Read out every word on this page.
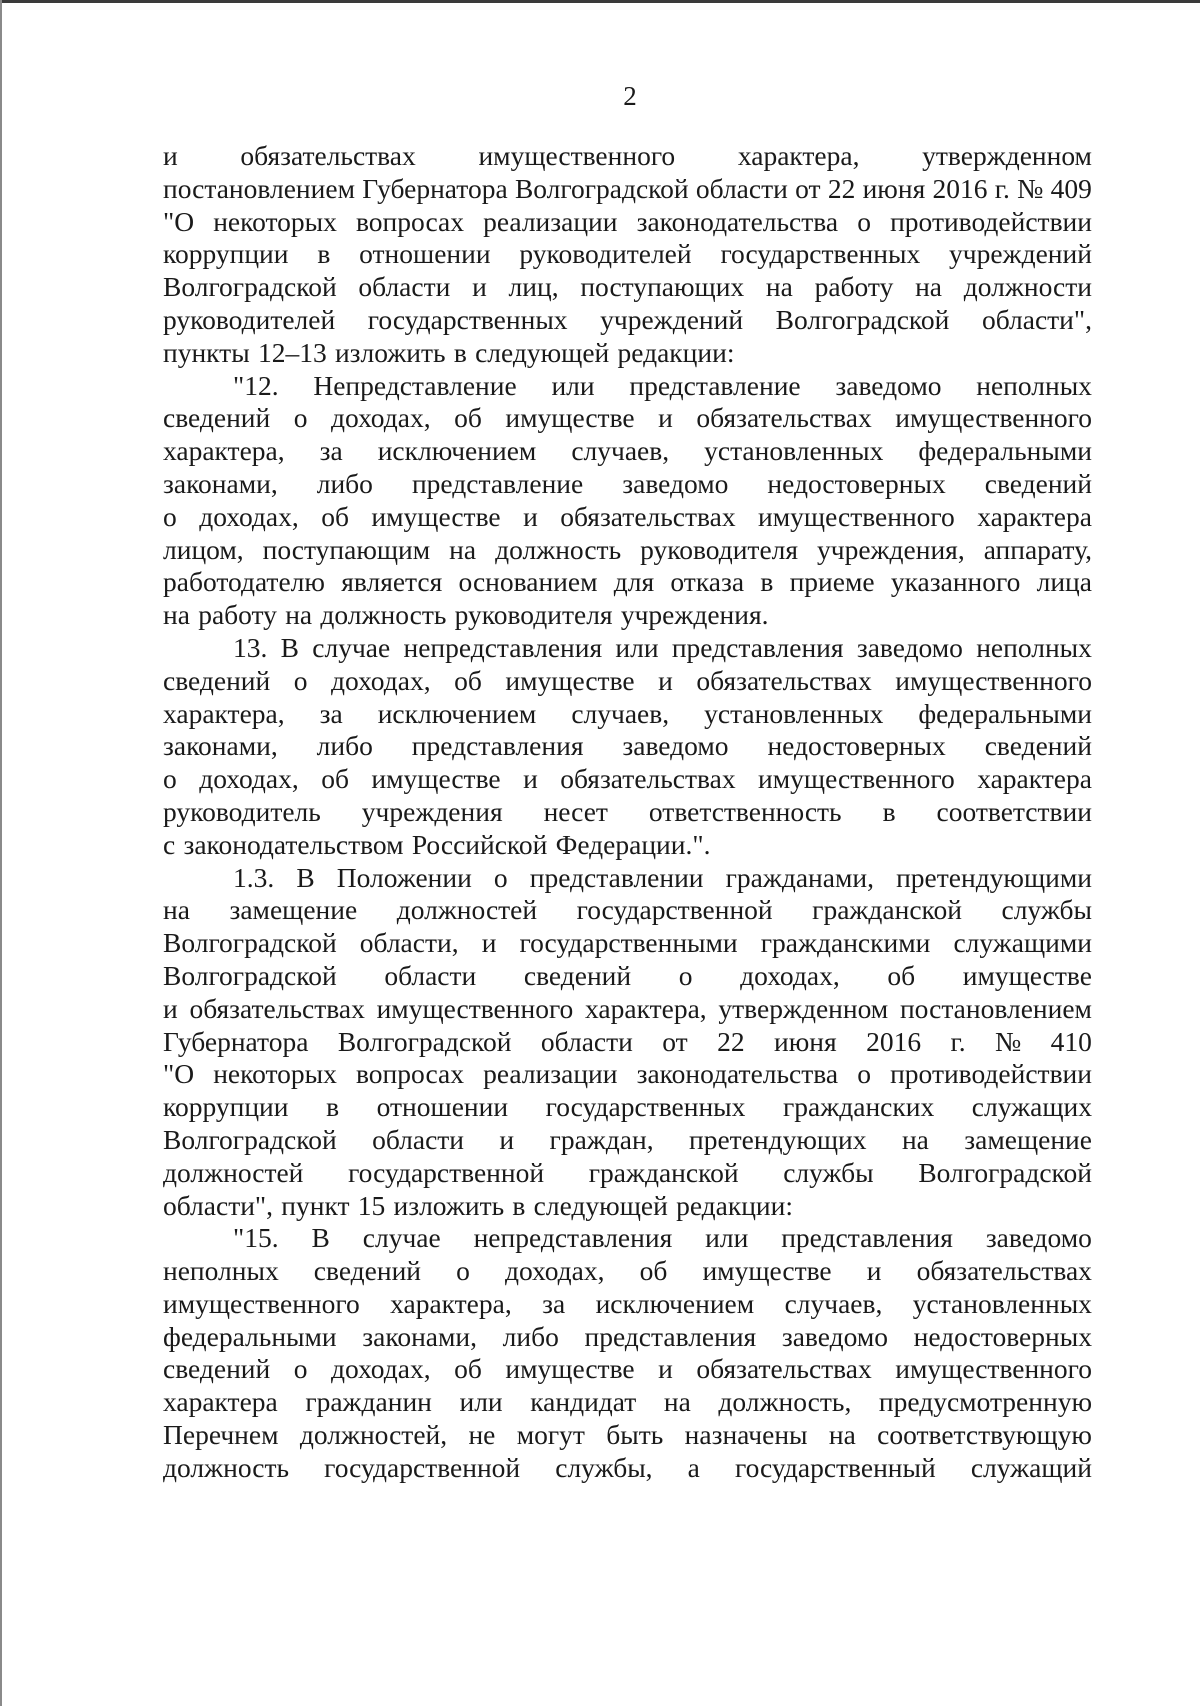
2
и обязательствах имущественного характера, утвержденном
постановлением Губернатора Волгоградской области от 22 июня 2016 г. № 409
"О некоторых вопросах реализации законодательства о противодействии
коррупции в отношении руководителей государственных учреждений
Волгоградской области и лиц, поступающих на работу на должности
руководителей государственных учреждений Волгоградской области",
пункты 12–13 изложить в следующей редакции:
"12. Непредставление или представление заведомо неполных
сведений о доходах, об имуществе и обязательствах имущественного
характера, за исключением случаев, установленных федеральными
законами, либо представление заведомо недостоверных сведений
о доходах, об имуществе и обязательствах имущественного характера
лицом, поступающим на должность руководителя учреждения, аппарату,
работодателю является основанием для отказа в приеме указанного лица
на работу на должность руководителя учреждения.
13. В случае непредставления или представления заведомо неполных
сведений о доходах, об имуществе и обязательствах имущественного
характера, за исключением случаев, установленных федеральными
законами, либо представления заведомо недостоверных сведений
о доходах, об имуществе и обязательствах имущественного характера
руководитель учреждения несет ответственность в соответствии
с законодательством Российской Федерации.".
1.3. В Положении о представлении гражданами, претендующими
на замещение должностей государственной гражданской службы
Волгоградской области, и государственными гражданскими служащими
Волгоградской области сведений о доходах, об имуществе
и обязательствах имущественного характера, утвержденном постановлением
Губернатора Волгоградской области от 22 июня 2016 г. № 410
"О некоторых вопросах реализации законодательства о противодействии
коррупции в отношении государственных гражданских служащих
Волгоградской области и граждан, претендующих на замещение
должностей государственной гражданской службы Волгоградской
области", пункт 15 изложить в следующей редакции:
"15. В случае непредставления или представления заведомо
неполных сведений о доходах, об имуществе и обязательствах
имущественного характера, за исключением случаев, установленных
федеральными законами, либо представления заведомо недостоверных
сведений о доходах, об имуществе и обязательствах имущественного
характера гражданин или кандидат на должность, предусмотренную
Перечнем должностей, не могут быть назначены на соответствующую
должность государственной службы, а государственный служащий
